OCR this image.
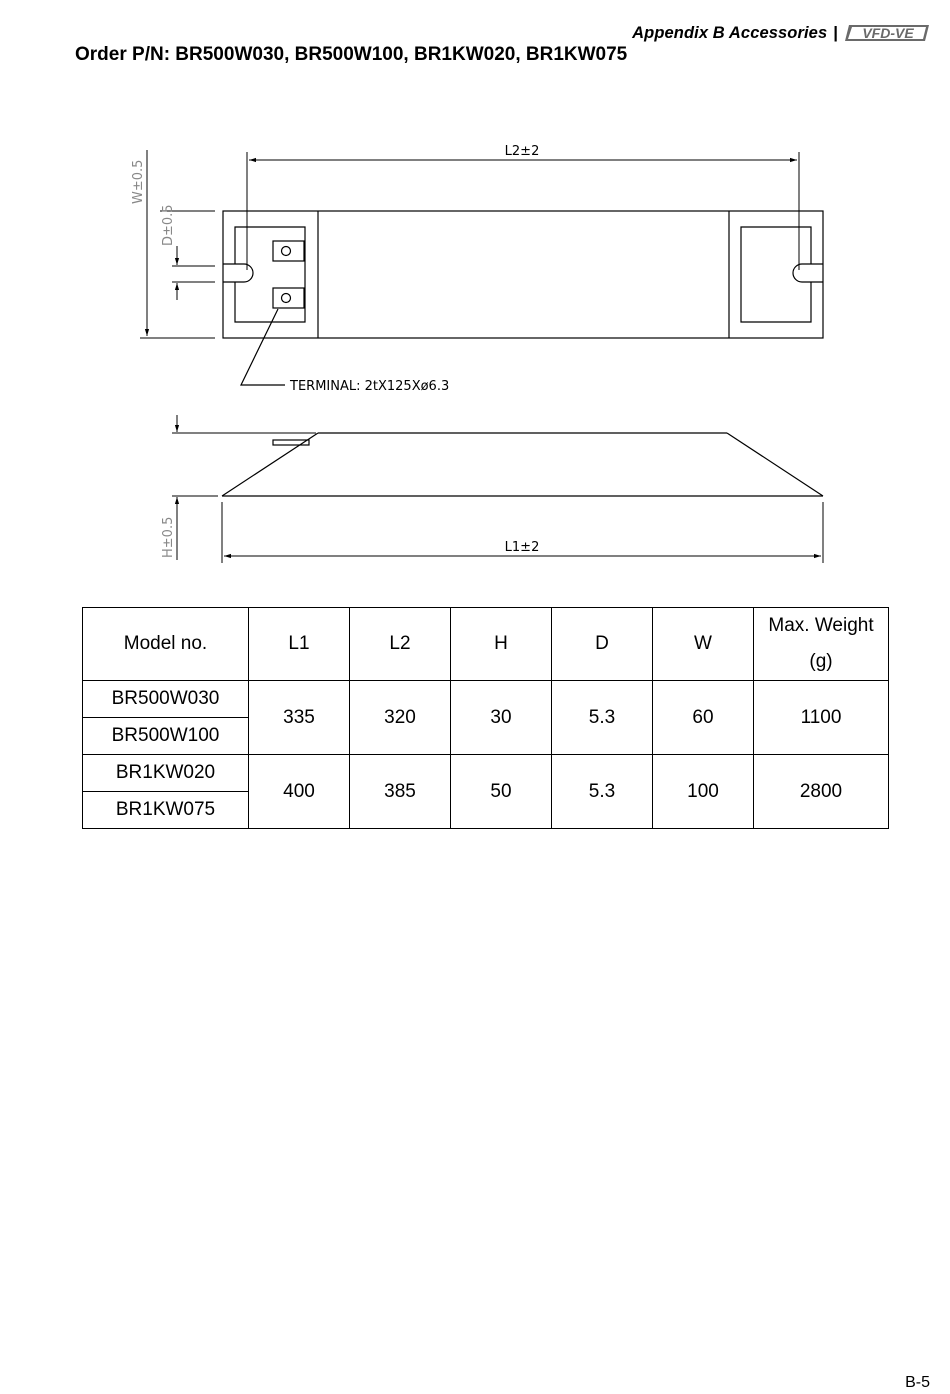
Appendix B Accessories | VFD-VE
Order P/N: BR500W030, BR500W100, BR1KW020, BR1KW075
L2±2
W±0.5
D±0.5
TERMINAL: 2tX125Xø6.3
H±0.5	L1±2
Model no.	L1	L2	H	D	W	Max. Weight
(g)
BR500W030	335	320	30	5.3	60	1100
BR500W100						
BR1KW020	400	385	50	5.3	100	2800
BR1KW075						
B-5
